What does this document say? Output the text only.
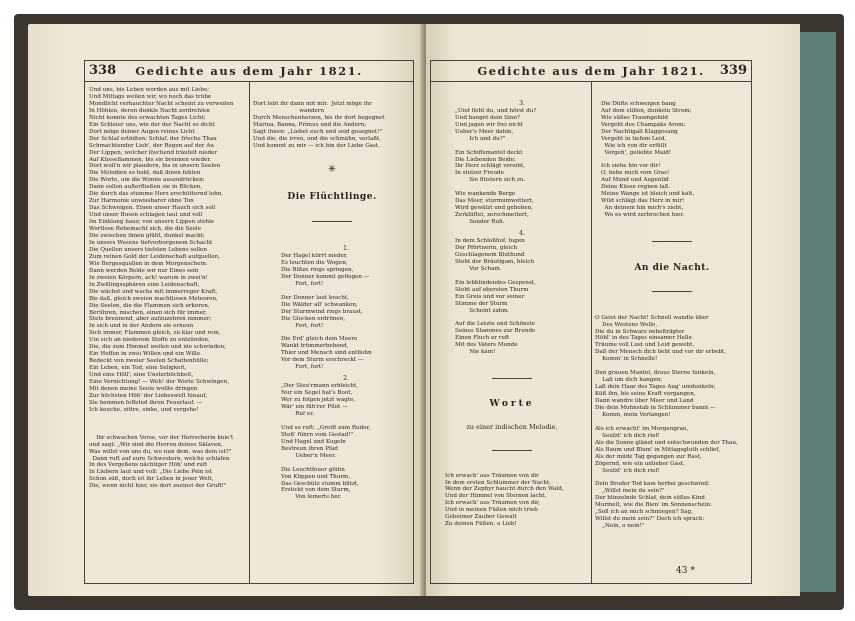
338	Gedichte aus dem Jahr 1821.
Und uns, bis Leben worden aus mit Liebe;
Und Mittags weilen wir, wo noch das trübe
Mondlicht verhauchter Nacht scheint zu verweilen
In Höhlen, deren dunkle Nacht zerdrehlen
Nicht konnte des erwachten Tages Licht;
Ein Schleier uns, wie der der Nacht so dicht
Dort möge deiner Augen reines Licht
Der Schlaf ertödten; Schlaf, der frische Thau
Schmachtender Lieb', der Regen auf der Au
Der Lippen, welcher löschend träufelt nieder
Auf Küsseflammen, bis sie brennen wieder.
Dort woll'n wir plaudern, bis in unsern Seelen
Die Melodien so hold, daß ihnen fehlen
Die Worte, um die Wonne auszudrücken;
Dann sollen außerfließen sie in Blicken,
Die durch das stumme Herz erschütternd lohn,
Zur Harmonie unwissbarer ohne Ton
Das Schweigen. Einen unser Hauch sich soll
Und unser Busen schlagen laut und voll
Im Einklang bauz; von unsern Lippen stehle
Wortlose Rebemacht sich, die die Seele
Die zwischen ihnen glüht, dunkel macht;
In unsers Wesens tiefverborgenem Schacht
Die Quellen unsers tiefsten Lebens sollen
Zum reinen Gold der Leidenschaft aufquellen,
Wie Bergesquellen in dem Morgenschein.
Dann werden Beide wir nur Eines sein
In zweien Körpern, ach! warum in zwei'n!
In Zwillingssphären eine Leidenschaft,
Die wächst und wachs mit immerreger Kraft,
Bis daß, gleich zweien machtlosen Meteoren,
Die Seelen, die die Flammen sich erkoren,
Berühren, mischen, einen sich für immer,
Stets brennend, aber aufzuzehren nimmer;
In sich und in der Andern sie erneun
Sich immer, Flammen gleich, zu klar und rein,
Um sich an niederem Stoffe zu entzünden,
Die, die zum Himmel weilen und nie schwinden;
Ein Hoffen in zwei Willen und ein Wille
Bedeckt von zweier Seelen Schattenhülle;
Ein Leben, ein Tod, eine Seligkeit,
Und eine Höll'; eine Unsterblichkeit,
Eine Vernichtung! — Weh! der Worte Schwingen,
Mit denen meine Seele wollte dringen
Zur höchsten Höh' der Liebeswelt hinauf,
Sie hemmen feffelnd ihren Feuerlauf. —
Ich keuche, zittre, sinke, und vergehe!

Ihr schwachen Verse, vor der Herrscherin knie't
und sagt: „Wir sind die Herren deines Sklaven,
Was willst von uns du, wo nun dem, was dein ist?"
Dann ruft auf eure Schwestern, welche schlafen
In des Vergeßens nächtiger Höh' und ruft
In Liebern laut und voll: „Die Liebe Pein ist
Schon süß, doch ist ihr Leben in jener Welt,
Die, wenn nicht hier, sie dort zueinst der Gruft!"

Dort lebt ihr dann mit mir.  Jetzt möge ihr
wandern
Durch Menschenherzen, bis ihr dort begegnet
Marina, Banna, Primus und die Andern;
Sagt ihnen: „Liebet euch und seid gesegnet!"
Und die, die irren, und die schmähn, verlaßt,
Und kommt zu mir — ich bin der Liebe Gast.

✳

Die Flüchtlinge.

1.
Der Hagel klirrt nieder,
Es leuchten die Wogen,
Die Blitze rings springen,
Der Donner kommt geflogen —
Fort, fort!

Der Donner laut kracht,
Die Wälder all' schwanken,
Der Sturmwind rings braust,
Die Glocken erdrönen,
Fort, fort!

Die Erd' gleich dem Meere
Wankt trümmerbebend,
Thier und Mensch sind entflohn
Vor dem Sturm erschreckt —
Fort, fort!
2.
„Der Steu'rmann erbleicht,
Nur ein Segel hat's Boot,
Wer zu folgen jetzt wagte,
Wär' ein füh'rer Pilot —
Ruf er.

Und so ruft: „Greift zum Ruder,
Stoß' führn vom Gestad!"
Und Hagel und Kugeln
Bestreun ihren Pfad
Ueber'n Meer.

Die Leuchtfeuer glühn
Von Klippen und Thurm,
Das Geschütz stumm blitzt,
Erstickt von dem Sturm,
Von lemerts her.

Gedichte aus dem Jahr 1821.	339

3.
„Und fleht du, und hörst du?
Und banget dein Sinn?
Und jagen wir frei nicht
Ueber's Meer dahin,
Ich und du?"

Ein Schiffsmantel deckt
Die Liebenden Beide;
Ihr Herz schlägt vereint,
In stolzer Freude
Sie flüstern sich zu.

Wie wankende Berge
Das Meer, sturmumwettert,
Wird gewälzt und gehoben,
Zerklüftet, zerschmettert,
Sonder Ruh.
4.
In dem Schloßhof, tugen
Der Pförtnerin, gleich
Geschlagenem Bluthund
Steht der Bräutigam, bleich
Vor Scham.

Ein lebblindendes Gespenst,
Steht auf obersten Thurm
Ein Greis und vor seiner
Stimme der Sturm
Scheint zahm.

Auf die Letzte und Schönste
Seines Stammes zur Brunde
Einen Fluch er ruft
Mit des Vaters Munde
Nie kam!

Worte

zu einer indischen Melodie.

Ich erwach' aus Träumen von dir
In dem ersten Schlummer der Nacht,
Wenn der Zephyr haucht durch den Wald,
Und der Himmel von Sternen lacht.
Ich erwach' aus Träumen von dir,
Und in meinen Füßen mich trieb
Geheimer Zauber Gewalt
Zu deinen Füßen, o Lieb!

Die Düfte schweigen bang
Auf dem stillen, dunkeln Strom;
Wie süßes Traumgebild
Vergeht des Champaks Arom;
Der Nachtigall Klaggesang
Vergeht in tiefem Leid,
Wie ich von dir erfüllt
Vergeh', geliebte Maid!

Ich siehe hin vor dir!
O, hebe mich vom Gras!
Auf Mund und Augenlid
Deine Küsse regnen laß.
Meine Wange ist bleich und kalt,
Wild schlägt das Herz in mir!
An deinem hin mich's zieht,
Wo es wird zerbrochen hier.

An die Nacht.

O Geist der Nacht! Schnell wandle über
Des Westens Welle,
Die du in Schwarz nebelträgter
Höhl' in des Tages einsamer Helle
Träume voll Lust und Leid gewebt,
Daß der Mensch dich liebt und vor dir erbebt,
Komm' in Schnelle!

Den grauen Mantel, draus Sterne funkeln,
Laß um dich hangen;
Laß dein Haar des Tages Aug' umdunkeln;
Küß ihn, bis seine Kraft vergangen,
Dann wandre über Meer und Land
Die dein Mohnstab in Schlummer bannt —
Komm, mein Verlangen!

Als ich erwacht' im Morgengrau,
Seufzt' ich dich rief!
Als die Sonne glänzt und entschwunden der Thau,
Als Baum und Blum' in Mittagsgluth schlief,
Als der müde Tag gegangen zur Rast,
Zögernd, wie ein unlieber Gast,
Seufzt' ich dich rief!

Dein Bruder Tod kam herbei geschwind:
„Willst mein du sein?"
Der blinzelnde Schlaf, dein süßes Kind
Murmelt, wie die Bien' im Sonnenschein:
„Soll ich an mich schmiegen? Sag,
Willst du mein sein?" Doch ich sprach:
„Nein, o nein!"

43 *
